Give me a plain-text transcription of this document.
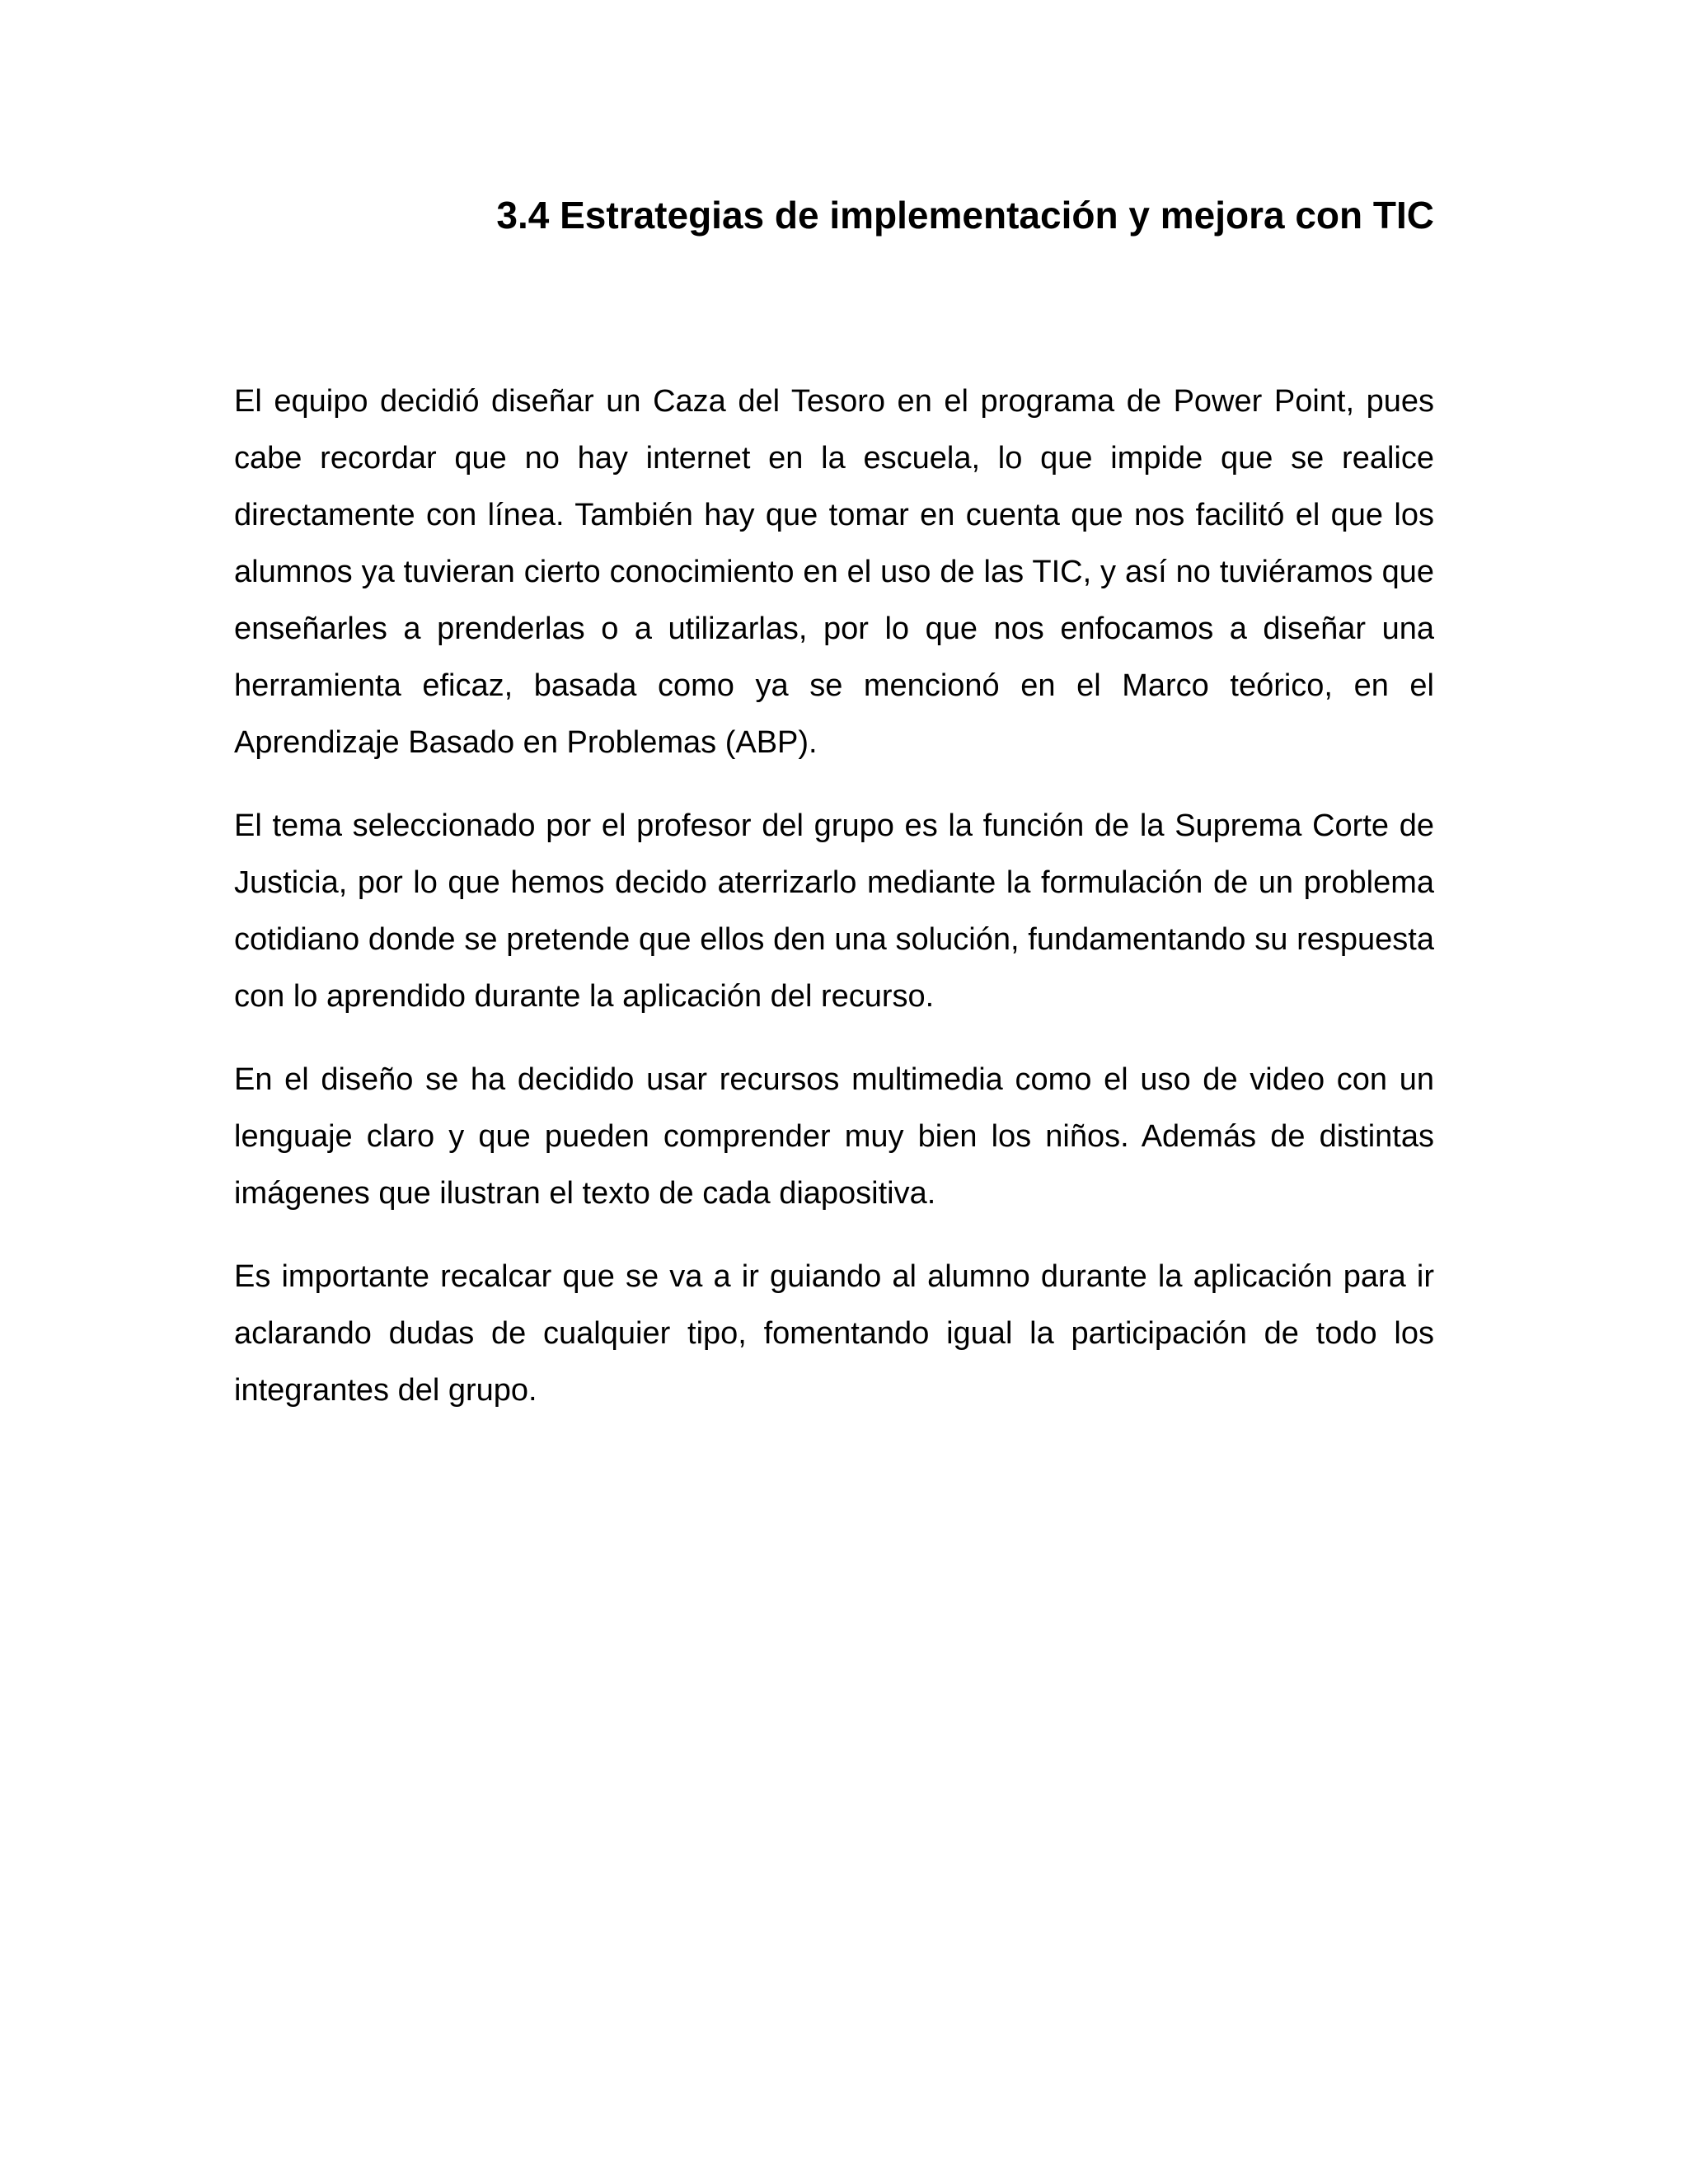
3.4 Estrategias de implementación y mejora con TIC

El equipo decidió diseñar un Caza del Tesoro en el programa de Power Point, pues cabe recordar que no hay internet en la escuela, lo que impide que se realice directamente con línea. También hay que tomar en cuenta que nos facilitó el que los alumnos ya tuvieran cierto conocimiento en el uso de las TIC, y así no tuviéramos que enseñarles a prenderlas o a utilizarlas, por lo que nos enfocamos a diseñar una herramienta eficaz, basada como ya se mencionó en el Marco teórico, en el Aprendizaje Basado en Problemas (ABP).

El tema seleccionado por el profesor del grupo es la función de la Suprema Corte de Justicia, por lo que hemos decido aterrizarlo mediante la formulación de un problema cotidiano donde se pretende que ellos den una solución, fundamentando su respuesta con lo aprendido durante la aplicación del recurso.

En el diseño se ha decidido usar recursos multimedia como el uso de video con un lenguaje claro y que pueden comprender muy bien los niños. Además de distintas imágenes que ilustran el texto de cada diapositiva.

Es importante recalcar que se va a ir guiando al alumno durante la aplicación para ir aclarando dudas de cualquier tipo, fomentando igual la participación de todo los integrantes del grupo.
